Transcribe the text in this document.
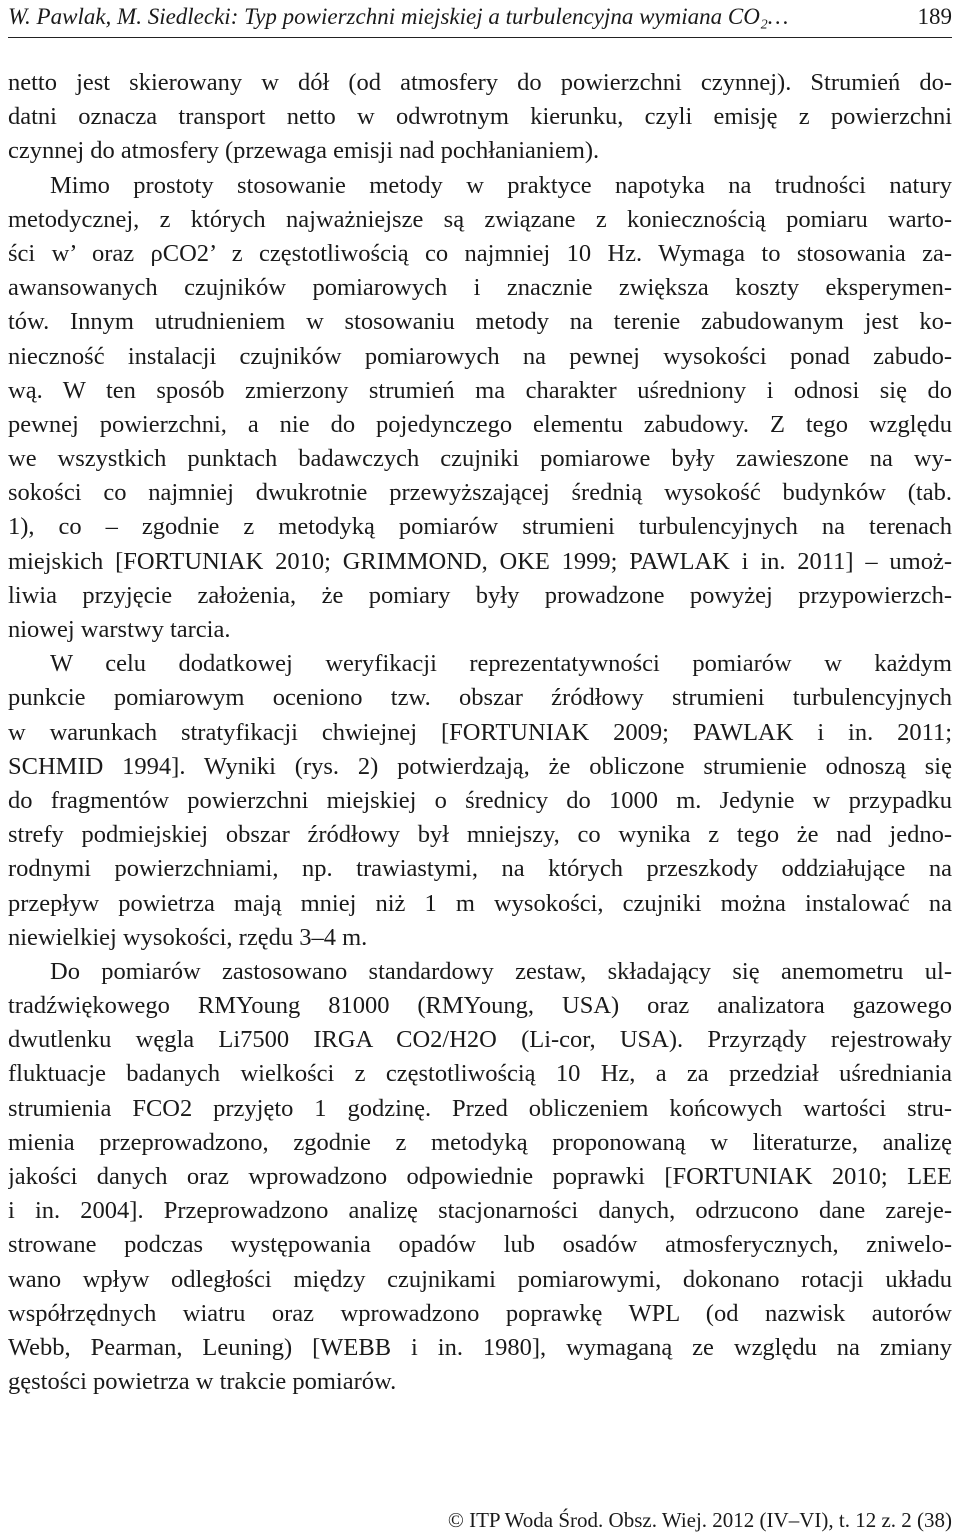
W. Pawlak, M. Siedlecki: Typ powierzchni miejskiej a turbulencyjna wymiana CO₂…	189
netto jest skierowany w dół (od atmosfery do powierzchni czynnej). Strumień do-
datni oznacza transport netto w odwrotnym kierunku, czyli emisję z powierzchni
czynnej do atmosfery (przewaga emisji nad pochłanianiem).
Mimo prostoty stosowanie metody w praktyce napotyka na trudności natury
metodycznej, z których najważniejsze są związane z koniecznością pomiaru warto-
ści w’ oraz ρCO2’ z częstotliwością co najmniej 10 Hz. Wymaga to stosowania za-
awansowanych czujników pomiarowych i znacznie zwiększa koszty eksperymen-
tów. Innym utrudnieniem w stosowaniu metody na terenie zabudowanym jest ko-
nieczność instalacji czujników pomiarowych na pewnej wysokości ponad zabudo-
wą. W ten sposób zmierzony strumień ma charakter uśredniony i odnosi się do
pewnej powierzchni, a nie do pojedynczego elementu zabudowy. Z tego względu
we wszystkich punktach badawczych czujniki pomiarowe były zawieszone na wy-
sokości co najmniej dwukrotnie przewyższającej średnią wysokość budynków (tab.
1), co – zgodnie z metodyką pomiarów strumieni turbulencyjnych na terenach
miejskich [FORTUNIAK 2010; GRIMMOND, OKE 1999; PAWLAK i in. 2011] – umoż-
liwia przyjęcie założenia, że pomiary były prowadzone powyżej przypowierzch-
niowej warstwy tarcia.
W celu dodatkowej weryfikacji reprezentatywności pomiarów w każdym
punkcie pomiarowym oceniono tzw. obszar źródłowy strumieni turbulencyjnych
w warunkach stratyfikacji chwiejnej [FORTUNIAK 2009; PAWLAK i in. 2011;
SCHMID 1994]. Wyniki (rys. 2) potwierdzają, że obliczone strumienie odnoszą się
do fragmentów powierzchni miejskiej o średnicy do 1000 m. Jedynie w przypadku
strefy podmiejskiej obszar źródłowy był mniejszy, co wynika z tego że nad jedno-
rodnymi powierzchniami, np. trawiastymi, na których przeszkody oddziałujące na
przepływ powietrza mają mniej niż 1 m wysokości, czujniki można instalować na
niewielkiej wysokości, rzędu 3–4 m.
Do pomiarów zastosowano standardowy zestaw, składający się anemometru ul-
tradźwiękowego RMYoung 81000 (RMYoung, USA) oraz analizatora gazowego
dwutlenku węgla Li7500 IRGA CO2/H2O (Li-cor, USA). Przyrządy rejestrowały
fluktuacje badanych wielkości z częstotliwością 10 Hz, a za przedział uśredniania
strumienia FCO2 przyjęto 1 godzinę. Przed obliczeniem końcowych wartości stru-
mienia przeprowadzono, zgodnie z metodyką proponowaną w literaturze, analizę
jakości danych oraz wprowadzono odpowiednie poprawki [FORTUNIAK 2010; LEE
i in. 2004]. Przeprowadzono analizę stacjonarności danych, odrzucono dane zareje-
strowane podczas występowania opadów lub osadów atmosferycznych, zniwelo-
wano wpływ odległości między czujnikami pomiarowymi, dokonano rotacji układu
współrzędnych wiatru oraz wprowadzono poprawkę WPL (od nazwisk autorów
Webb, Pearman, Leuning) [WEBB i in. 1980], wymaganą ze względu na zmiany
gęstości powietrza w trakcie pomiarów.
© ITP Woda Środ. Obsz. Wiej. 2012 (IV–VI), t. 12 z. 2 (38)
